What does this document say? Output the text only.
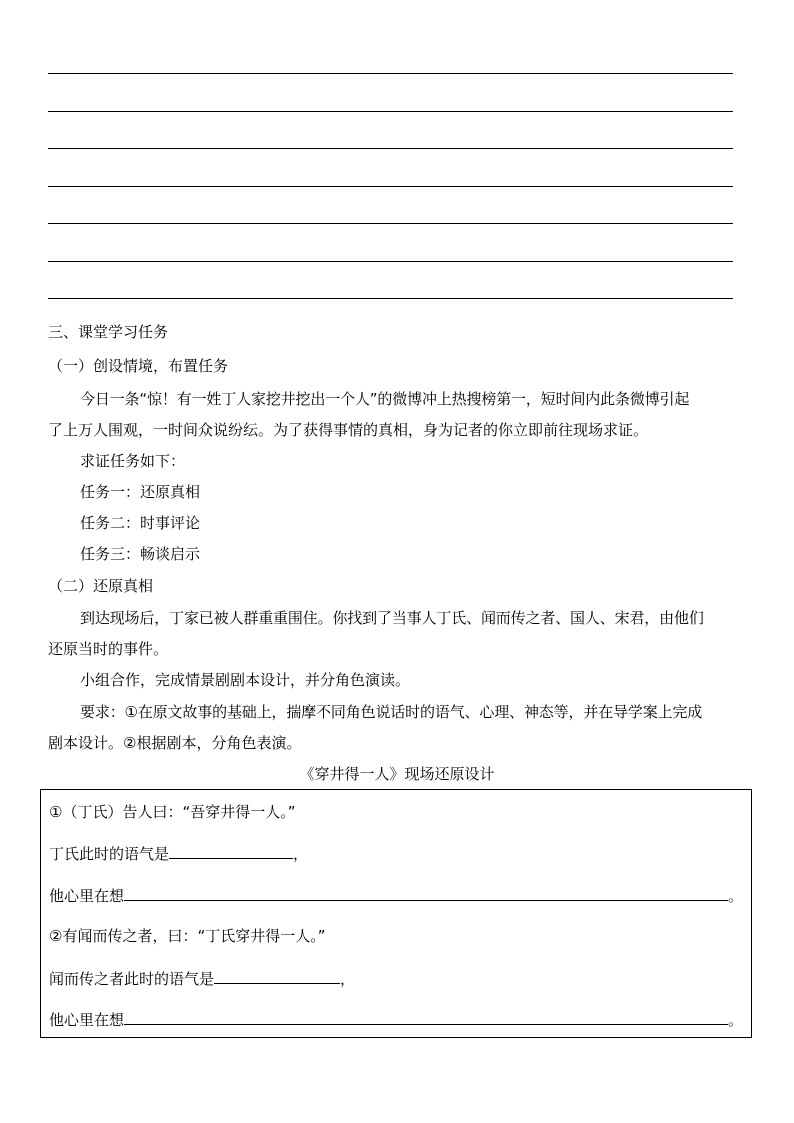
三、课堂学习任务
（一）创设情境，布置任务
今日一条“惊！有一姓丁人家挖井挖出一个人”的微博冲上热搜榜第一，短时间内此条微博引起
了上万人围观，一时间众说纷纭。为了获得事情的真相，身为记者的你立即前往现场求证。
求证任务如下：
任务一：还原真相
任务二：时事评论
任务三：畅谈启示
（二）还原真相
到达现场后，丁家已被人群重重围住。你找到了当事人丁氏、闻而传之者、国人、宋君，由他们
还原当时的事件。
小组合作，完成情景剧剧本设计，并分角色演读。
要求：①在原文故事的基础上，揣摩不同角色说话时的语气、心理、神态等，并在导学案上完成
剧本设计。②根据剧本，分角色表演。
《穿井得一人》现场还原设计
①（丁氏）告人曰：“吾穿井得一人。”
丁氏此时的语气是	，
他心里在想	。
②有闻而传之者，曰：“丁氏穿井得一人。”
闻而传之者此时的语气是	，
他心里在想	。
